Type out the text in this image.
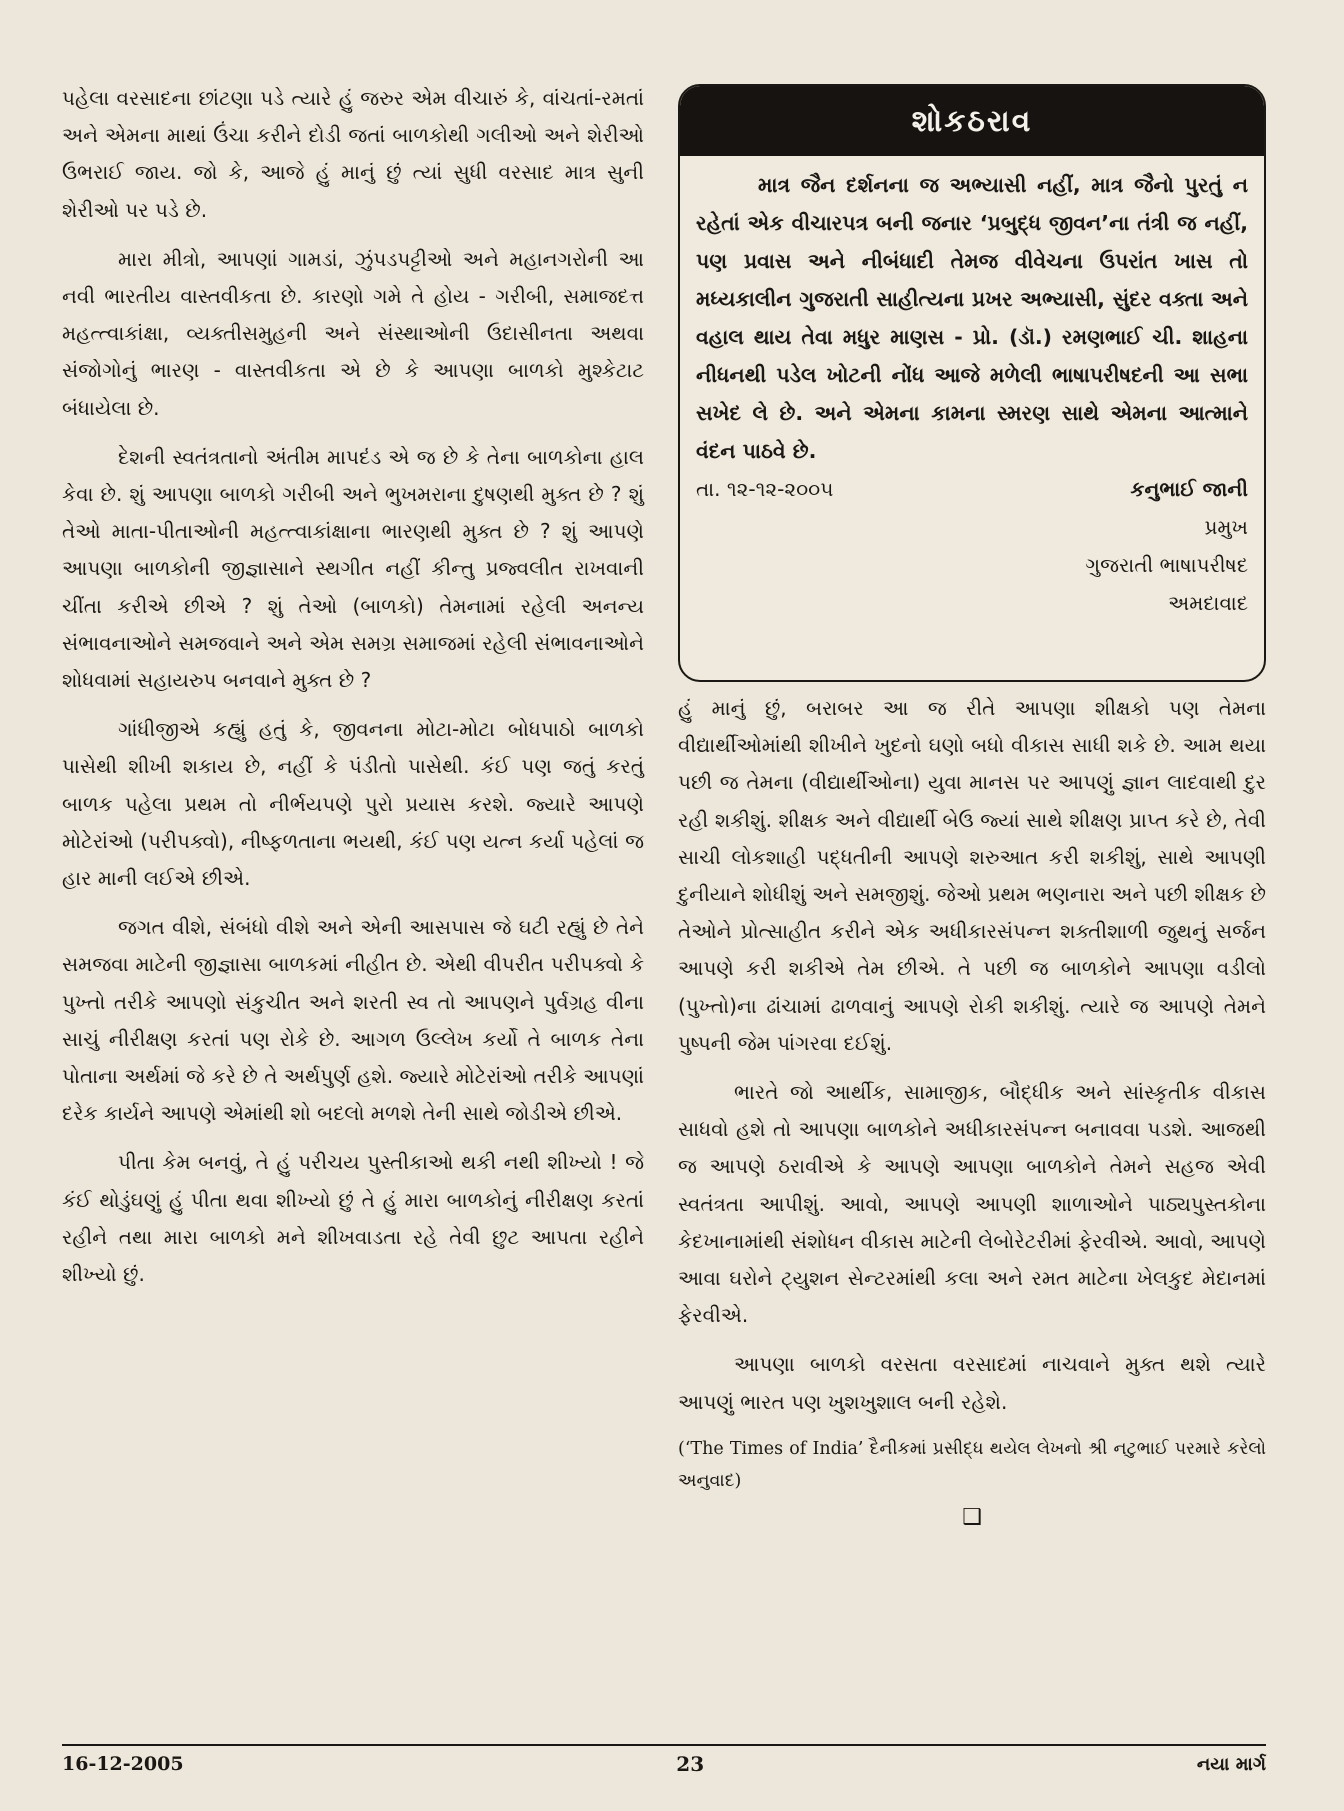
પહેલા વરસાદના છાંટણા પડે ત્યારે હું જરુર એમ વીચારું કે, વાંચતાં-રમતાં અને એમના માથાં ઉંચા કરીને દોડી જતાં બાળકોથી ગલીઓ અને શેરીઓ ઉભરાઈ જાય. જો કે, આજે હું માનું છું ત્યાં સુધી વરસાદ માત્ર સુની શેરીઓ પર પડે છે.

મારા મીત્રો, આપણાં ગામડાં, ઝુંપડપટ્ટીઓ અને મહાનગરોની આ નવી ભારતીય વાસ્તવીકતા છે. કારણો ગમે તે હોય - ગરીબી, સમાજદત્ત મહત્ત્વાકાંક્ષા, વ્યક્તીસમુહની અને સંસ્થાઓની ઉદાસીનતા અથવા સંજોગોનું ભારણ - વાસ્તવીકતા એ છે કે આપણા બાળકો મુશ્કેટાટ બંધાયેલા છે.

દેશની સ્વતંત્રતાનો અંતીમ માપદંડ એ જ છે કે તેના બાળકોના હાલ કેવા છે. શું આપણા બાળકો ગરીબી અને ભુખમરાના દુષણથી મુક્ત છે ? શું તેઓ માતા-પીતાઓની મહત્ત્વાકાંક્ષાના ભારણથી મુક્ત છે ? શું આપણે આપણા બાળકોની જીજ્ઞાસાને સ્થગીત નહીં કીન્તુ પ્રજ્વલીત રાખવાની ચીંતા કરીએ છીએ ? શું તેઓ (બાળકો) તેમનામાં રહેલી અનન્ય સંભાવનાઓને સમજવાને અને એમ સમગ્ર સમાજમાં રહેલી સંભાવનાઓને શોધવામાં સહાયરુપ બનવાને મુક્ત છે ?

ગાંધીજીએ કહ્યું હતું કે, જીવનના મોટા-મોટા બોધપાઠો બાળકો પાસેથી શીખી શકાય છે, નહીં કે પંડીતો પાસેથી. કંઈ પણ જતું કરતું બાળક પહેલા પ્રથમ તો નીર્ભયપણે પુરો પ્રયાસ કરશે. જ્યારે આપણે મોટેરાંઓ (પરીપક્વો), નીષ્ફળતાના ભયથી, કંઈ પણ યત્ન કર્યા પહેલાં જ હાર માની લઈએ છીએ.

જગત વીશે, સંબંધો વીશે અને એની આસપાસ જે ઘટી રહ્યું છે તેને સમજવા માટેની જીજ્ઞાસા બાળકમાં નીહીત છે. એથી વીપરીત પરીપક્વો કે પુખ્તો તરીકે આપણો સંકુચીત અને શરતી સ્વ તો આપણને પુર્વગ્રહ વીના સાચું નીરીક્ષણ કરતાં પણ રોકે છે. આગળ ઉલ્લેખ કર્યો તે બાળક તેના પોતાના અર્થમાં જે કરે છે તે અર્થપુર્ણ હશે. જ્યારે મોટેરાંઓ તરીકે આપણાં દરેક કાર્યને આપણે એમાંથી શો બદલો મળશે તેની સાથે જોડીએ છીએ.

પીતા કેમ બનવું, તે હું પરીચય પુસ્તીકાઓ થકી નથી શીખ્યો ! જે કંઈ થોડુંઘણું હું પીતા થવા શીખ્યો છું તે હું મારા બાળકોનું નીરીક્ષણ કરતાં રહીને તથા મારા બાળકો મને શીખવાડતા રહે તેવી છુટ આપતા રહીને શીખ્યો છું.

શોકઠરાવ

માત્ર જૈન દર્શનના જ અભ્યાસી નહીં, માત્ર જૈનો પુરતું ન રહેતાં એક વીચારપત્ર બની જનાર ‘પ્રબુદ્ધ જીવન’ના તંત્રી જ નહીં, પણ પ્રવાસ અને નીબંધાદી તેમજ વીવેચના ઉપરાંત ખાસ તો મધ્યકાલીન ગુજરાતી સાહીત્યના પ્રખર અભ્યાસી, સુંદર વક્તા અને વહાલ થાય તેવા મધુર માણસ - પ્રો. (ડૉ.) રમણભાઈ ચી. શાહના નીધનથી પડેલ ખોટની નોંધ આજે મળેલી ભાષાપરીષદની આ સભા સખેદ લે છે. અને એમના કામના સ્મરણ સાથે એમના આત્માને વંદન પાઠવે છે.

તા. ૧૨-૧૨-૨૦૦૫	કનુભાઈ જાની
પ્રમુખ
ગુજરાતી ભાષાપરીષદ
અમદાવાદ

હું માનું છું, બરાબર આ જ રીતે આપણા શીક્ષકો પણ તેમના વીદ્યાર્થીઓમાંથી શીખીને ખુદનો ઘણો બધો વીકાસ સાધી શકે છે. આમ થયા પછી જ તેમના (વીદ્યાર્થીઓના) યુવા માનસ પર આપણું જ્ઞાન લાદવાથી દુર રહી શકીશું. શીક્ષક અને વીદ્યાર્થી બેઉ જ્યાં સાથે શીક્ષણ પ્રાપ્ત કરે છે, તેવી સાચી લોકશાહી પદ્ધતીની આપણે શરુઆત કરી શકીશું, સાથે આપણી દુનીયાને શોધીશું અને સમજીશું. જેઓ પ્રથમ ભણનારા અને પછી શીક્ષક છે તેઓને પ્રોત્સાહીત કરીને એક અધીકારસંપન્ન શક્તીશાળી જુથનું સર્જન આપણે કરી શકીએ તેમ છીએ. તે પછી જ બાળકોને આપણા વડીલો (પુખ્તો)ના ઢાંચામાં ઢાળવાનું આપણે રોકી શકીશું. ત્યારે જ આપણે તેમને પુષ્પની જેમ પાંગરવા દઈશું.

ભારતે જો આર્થીક, સામાજીક, બૌદ્ધીક અને સાંસ્કૃતીક વીકાસ સાધવો હશે તો આપણા બાળકોને અધીકારસંપન્ન બનાવવા પડશે. આજથી જ આપણે ઠરાવીએ કે આપણે આપણા બાળકોને તેમને સહજ એવી સ્વતંત્રતા આપીશું. આવો, આપણે આપણી શાળાઓને પાઠ્યપુસ્તકોના કેદખાનામાંથી સંશોધન વીકાસ માટેની લેબોરેટરીમાં ફેરવીએ. આવો, આપણે આવા ઘરોને ટ્યુશન સેન્ટરમાંથી કલા અને રમત માટેના ખેલકુદ મેદાનમાં ફેરવીએ.

આપણા બાળકો વરસતા વરસાદમાં નાચવાને મુક્ત થશે ત્યારે આપણું ભારત પણ ખુશખુશાલ બની રહેશે.

(‘The Times of India’ દૈનીકમાં પ્રસીદ્ધ થયેલ લેખનો શ્રી નટુભાઈ પરમારે કરેલો અનુવાદ)

❑
16-12-2005	23	નયા માર્ગ
